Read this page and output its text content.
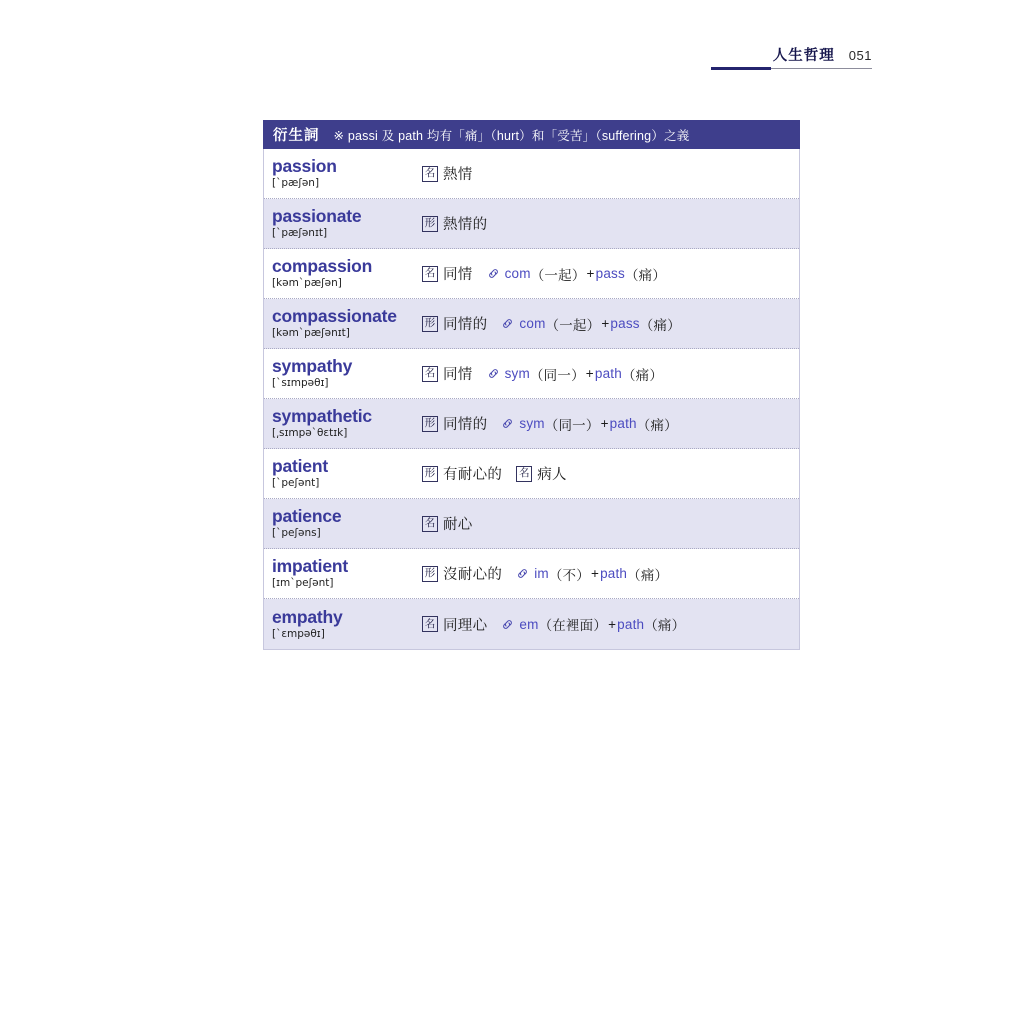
人生哲理 051
衍生詞 ※ passi 及 path 均有「痛」（hurt）和「受苦」（suffering）之義
passion
[ˋpæʃən]
名 熱情
passionate
[ˋpæʃənɪt]
形 熱情的
compassion
[kəmˋpæʃən]
名 同情 com （一起） + pass （痛）
compassionate
[kəmˋpæʃənɪt]
形 同情的 com （一起） + pass （痛）
sympathy
[ˋsɪmpəθɪ]
名 同情 sym （同一） + path （痛）
sympathetic
[͵sɪmpəˋθɛtɪk]
形 同情的 sym （同一） + path （痛）
patient
[ˋpeʃənt]
形 有耐心的 名 病人
patience
[ˋpeʃəns]
名 耐心
impatient
[ɪmˋpeʃənt]
形 沒耐心的 im （不） + path （痛）
empathy
[ˋɛmpəθɪ]
名 同理心 em （在裡面） + path （痛）
